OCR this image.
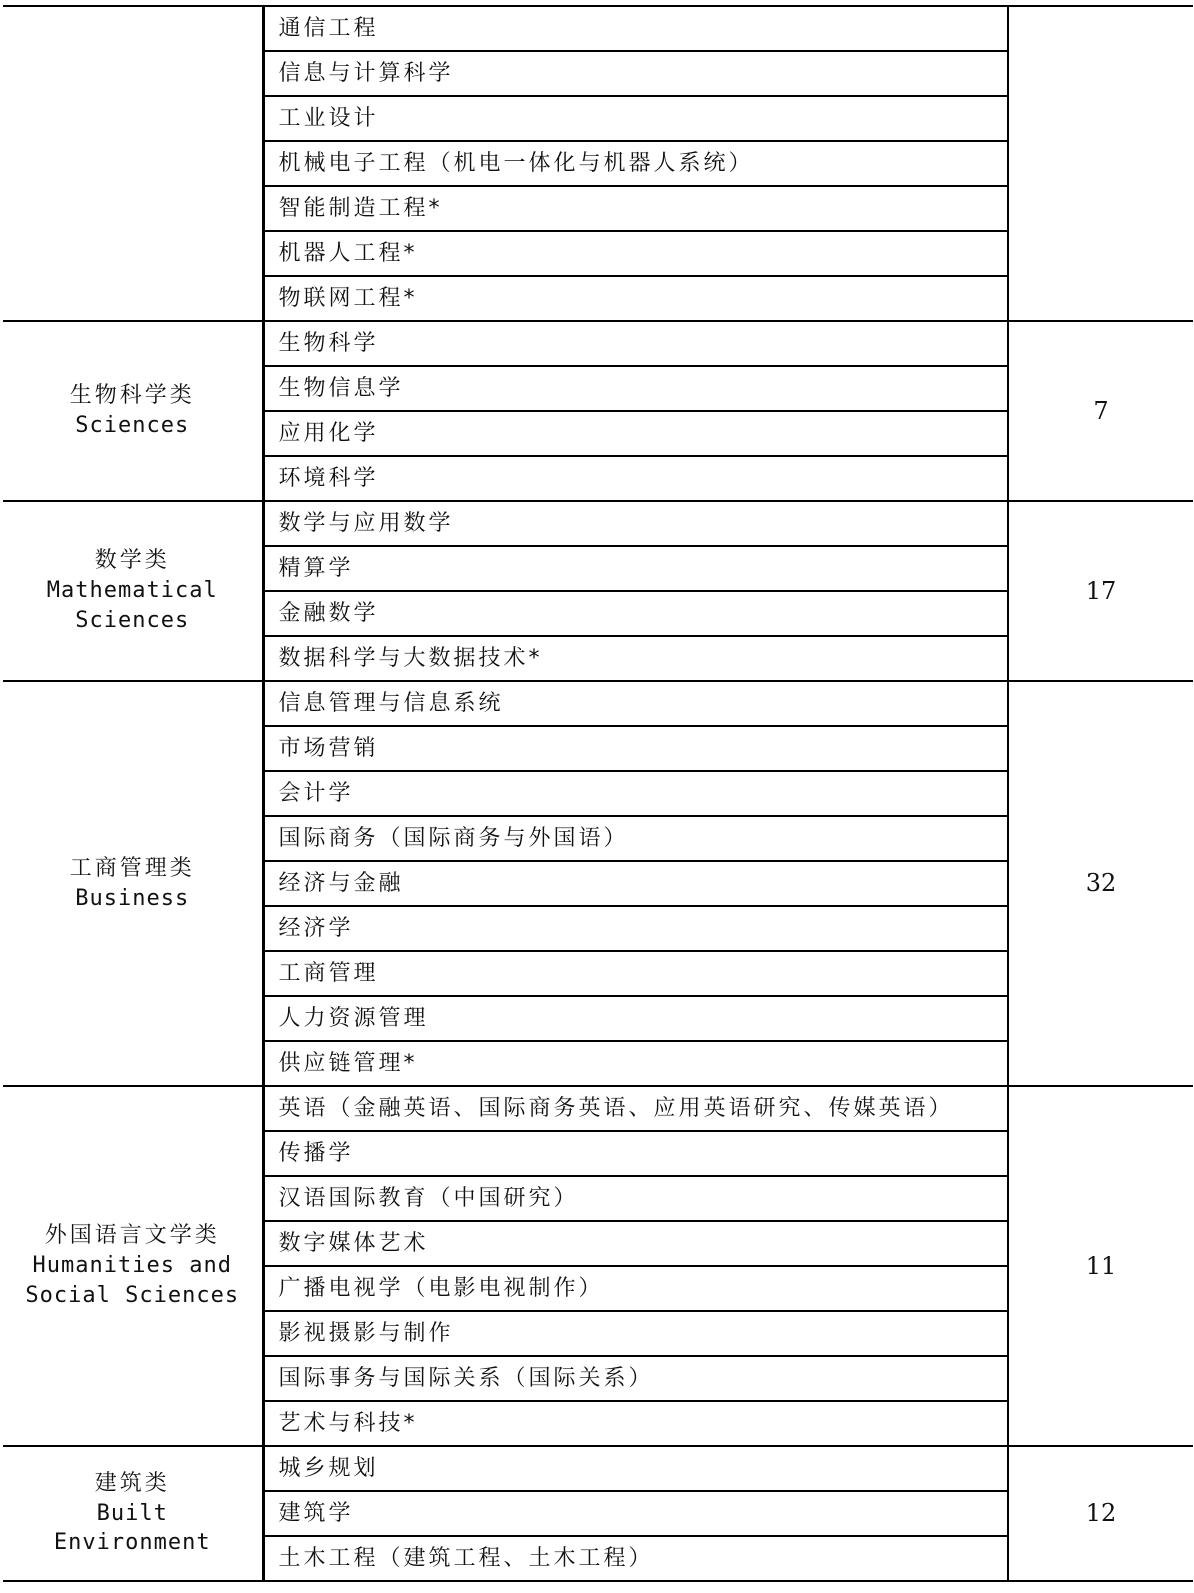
	通信工程	
	信息与计算科学	
	工业设计	
	机械电子工程（机电一体化与机器人系统）	
	智能制造工程*	
	机器人工程*	
	物联网工程*	

生物科学类
Sciences	生物科学	7
	生物信息学	
	应用化学	
	环境科学	

数学类
Mathematical Sciences	数学与应用数学	17
	精算学	
	金融数学	
	数据科学与大数据技术*	

工商管理类
Business	信息管理与信息系统	32
	市场营销	
	会计学	
	国际商务（国际商务与外国语）	
	经济与金融	
	经济学	
	工商管理	
	人力资源管理	
	供应链管理*	

外国语言文学类
Humanities and Social Sciences	英语（金融英语、国际商务英语、应用英语研究、传媒英语）	11
	传播学	
	汉语国际教育（中国研究）	
	数字媒体艺术	
	广播电视学（电影电视制作）	
	影视摄影与制作	
	国际事务与国际关系（国际关系）	
	艺术与科技*	

建筑类
Built Environment	城乡规划	12
	建筑学	
	土木工程（建筑工程、土木工程）	
